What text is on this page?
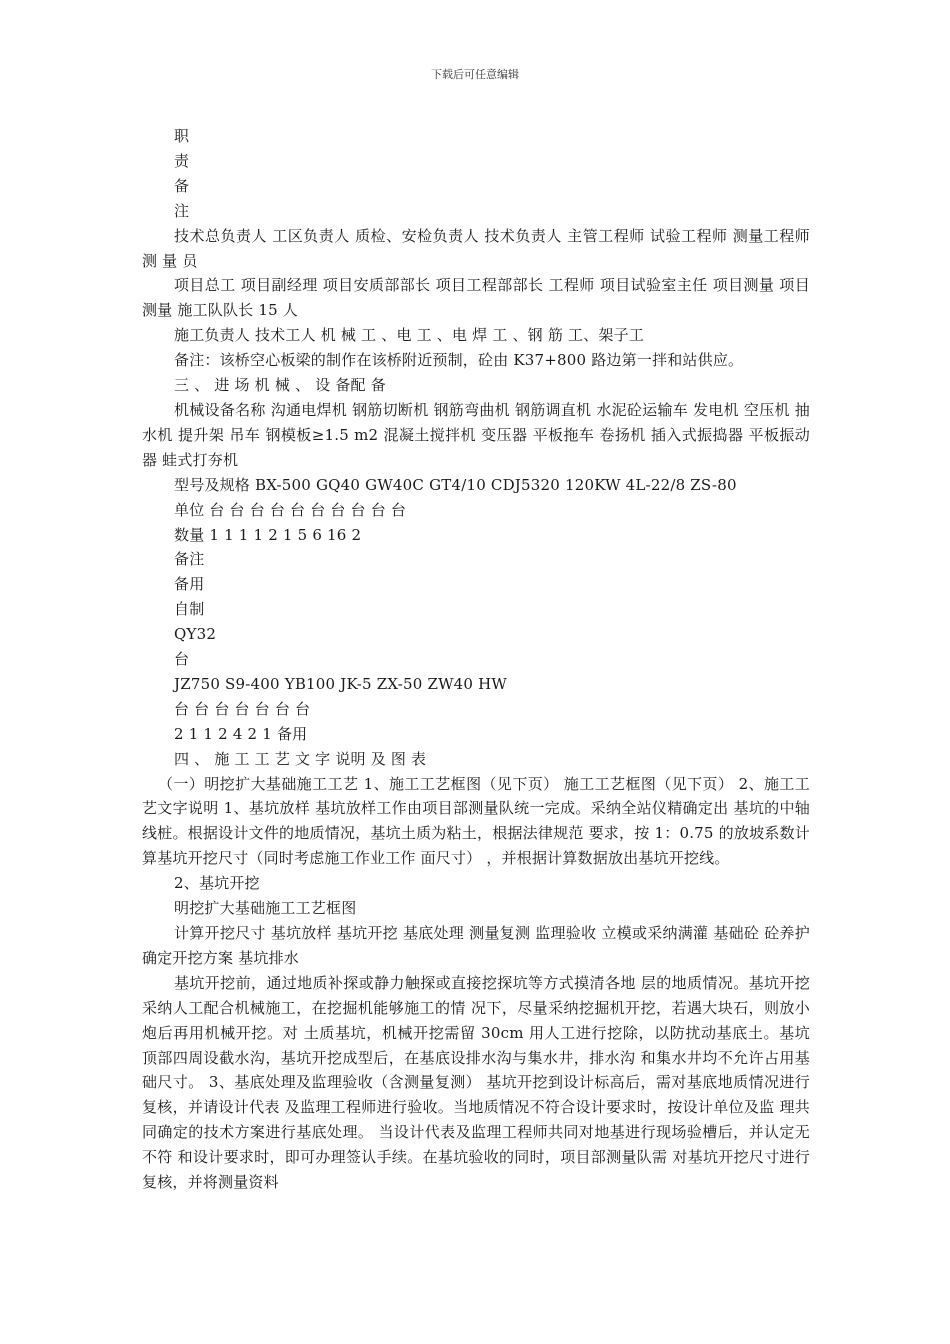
下载后可任意编辑

职

责

备

注

技术总负责人 工区负责人 质检、安检负责人 技术负责人 主管工程师 试验工程师 测量工程师 测 量 员

项目总工 项目副经理 项目安质部部长 项目工程部部长 工程师 项目试验室主任 项目测量 项目测量 施工队队长 15 人

施工负责人 技术工人 机 械 工 、电 工 、电 焊 工 、钢 筋 工、架子工

备注：该桥空心板梁的制作在该桥附近预制，砼由 K37+800 路边第一拌和站供应。

三 、 进 场 机 械 、 设 备配 备

机械设备名称 沟通电焊机 钢筋切断机 钢筋弯曲机 钢筋调直机 水泥砼运输车 发电机 空压机 抽水机 提升架 吊车 钢模板≥1.5 m2 混凝土搅拌机 变压器 平板拖车 卷扬机 插入式振捣器 平板振动器 蛙式打夯机

型号及规格 BX-500 GQ40 GW40C GT4/10 CDJ5320 120KW 4L-22/8 ZS-80

单位 台 台 台 台 台 台 台 台 台 台

数量 1 1 1 1 2 1 5 6 16 2

备注

备用

自制

QY32

台

JZ750 S9-400 YB100 JK-5 ZX-50 ZW40 HW

台 台 台 台 台 台 台

2 1 1 2 4 2 1 备用

四 、 施 工 工 艺 文 字 说明 及 图 表

（一）明挖扩大基础施工工艺 1、施工工艺框图（见下页） 施工工艺框图（见下页） 2、施工工艺文字说明 1、基坑放样 基坑放样工作由项目部测量队统一完成。采纳全站仪精确定出 基坑的中轴线桩。根据设计文件的地质情况，基坑土质为粘土，根据法律规范 要求，按 1：0.75 的放坡系数计算基坑开挖尺寸（同时考虑施工作业工作 面尺寸） ，并根据计算数据放出基坑开挖线。

2、基坑开挖

明挖扩大基础施工工艺框图

计算开挖尺寸 基坑放样 基坑开挖 基底处理 测量复测 监理验收 立模或采纳满灌 基础砼 砼养护 确定开挖方案 基坑排水

基坑开挖前，通过地质补探或静力触探或直接挖探坑等方式摸清各地 层的地质情况。基坑开挖采纳人工配合机械施工，在挖掘机能够施工的情 况下，尽量采纳挖掘机开挖，若遇大块石，则放小炮后再用机械开挖。对 土质基坑，机械开挖需留 30cm 用人工进行挖除，以防扰动基底土。基坑 顶部四周设截水沟，基坑开挖成型后，在基底设排水沟与集水井，排水沟 和集水井均不允许占用基础尺寸。 3、基底处理及监理验收（含测量复测） 基坑开挖到设计标高后，需对基底地质情况进行复核，并请设计代表 及监理工程师进行验收。当地质情况不符合设计要求时，按设计单位及监 理共同确定的技术方案进行基底处理。 当设计代表及监理工程师共同对地基进行现场验槽后，并认定无不符 和设计要求时，即可办理签认手续。在基坑验收的同时，项目部测量队需 对基坑开挖尺寸进行复核，并将测量资料
